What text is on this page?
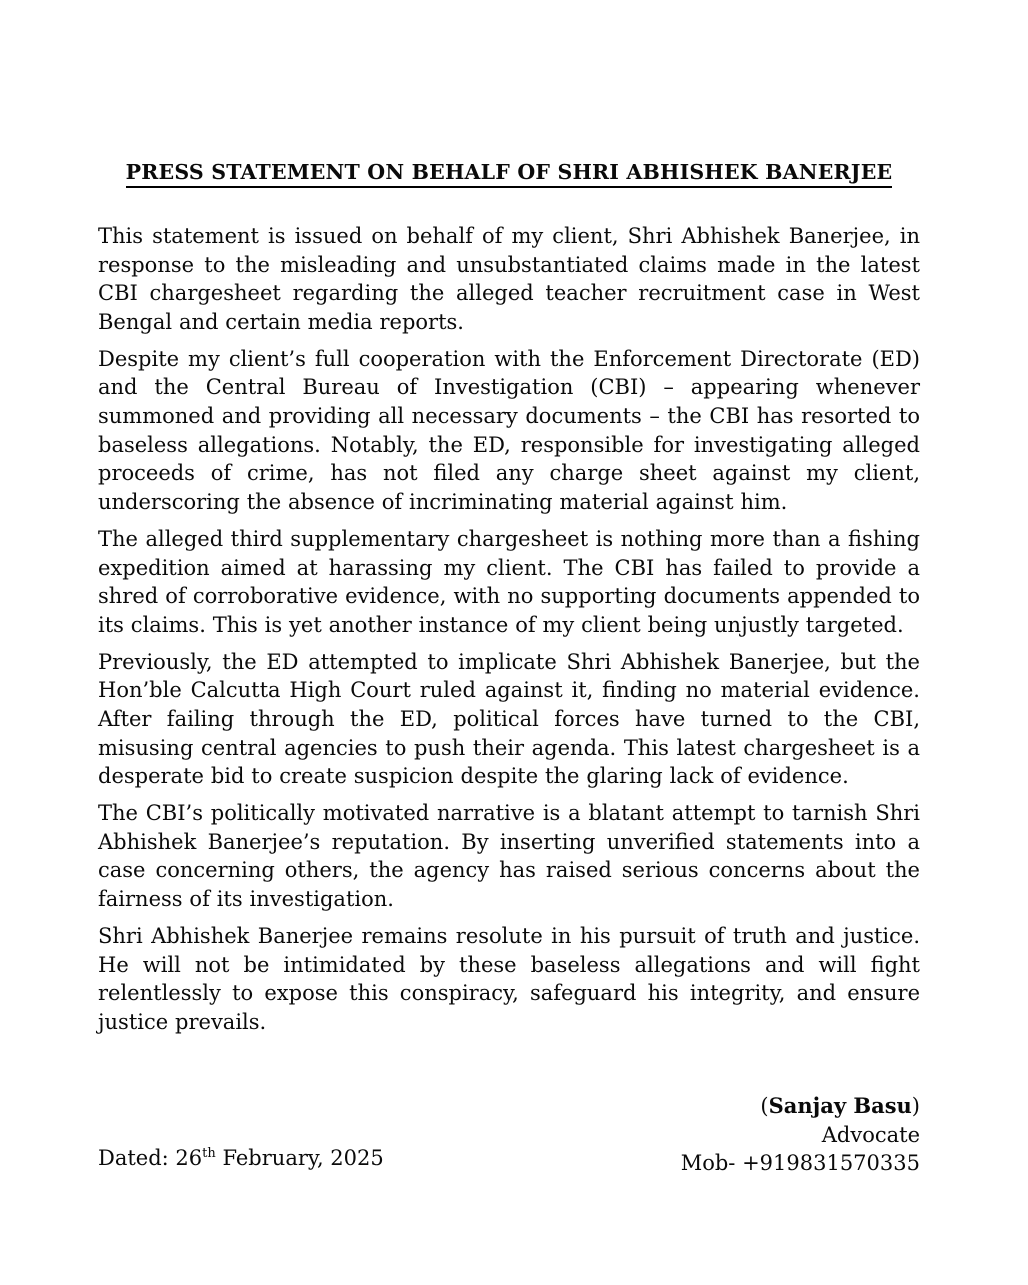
PRESS STATEMENT ON BEHALF OF SHRI ABHISHEK BANERJEE

This statement is issued on behalf of my client, Shri Abhishek Banerjee, in response to the misleading and unsubstantiated claims made in the latest CBI chargesheet regarding the alleged teacher recruitment case in West Bengal and certain media reports.

Despite my client’s full cooperation with the Enforcement Directorate (ED) and the Central Bureau of Investigation (CBI) – appearing whenever summoned and providing all necessary documents – the CBI has resorted to baseless allegations. Notably, the ED, responsible for investigating alleged proceeds of crime, has not filed any charge sheet against my client, underscoring the absence of incriminating material against him.

The alleged third supplementary chargesheet is nothing more than a fishing expedition aimed at harassing my client. The CBI has failed to provide a shred of corroborative evidence, with no supporting documents appended to its claims. This is yet another instance of my client being unjustly targeted.

Previously, the ED attempted to implicate Shri Abhishek Banerjee, but the Hon’ble Calcutta High Court ruled against it, finding no material evidence. After failing through the ED, political forces have turned to the CBI, misusing central agencies to push their agenda. This latest chargesheet is a desperate bid to create suspicion despite the glaring lack of evidence.

The CBI’s politically motivated narrative is a blatant attempt to tarnish Shri Abhishek Banerjee’s reputation. By inserting unverified statements into a case concerning others, the agency has raised serious concerns about the fairness of its investigation.

Shri Abhishek Banerjee remains resolute in his pursuit of truth and justice. He will not be intimidated by these baseless allegations and will fight relentlessly to expose this conspiracy, safeguard his integrity, and ensure justice prevails.

(Sanjay Basu)
Advocate
Mob- +919831570335
Dated: 26th February, 2025
